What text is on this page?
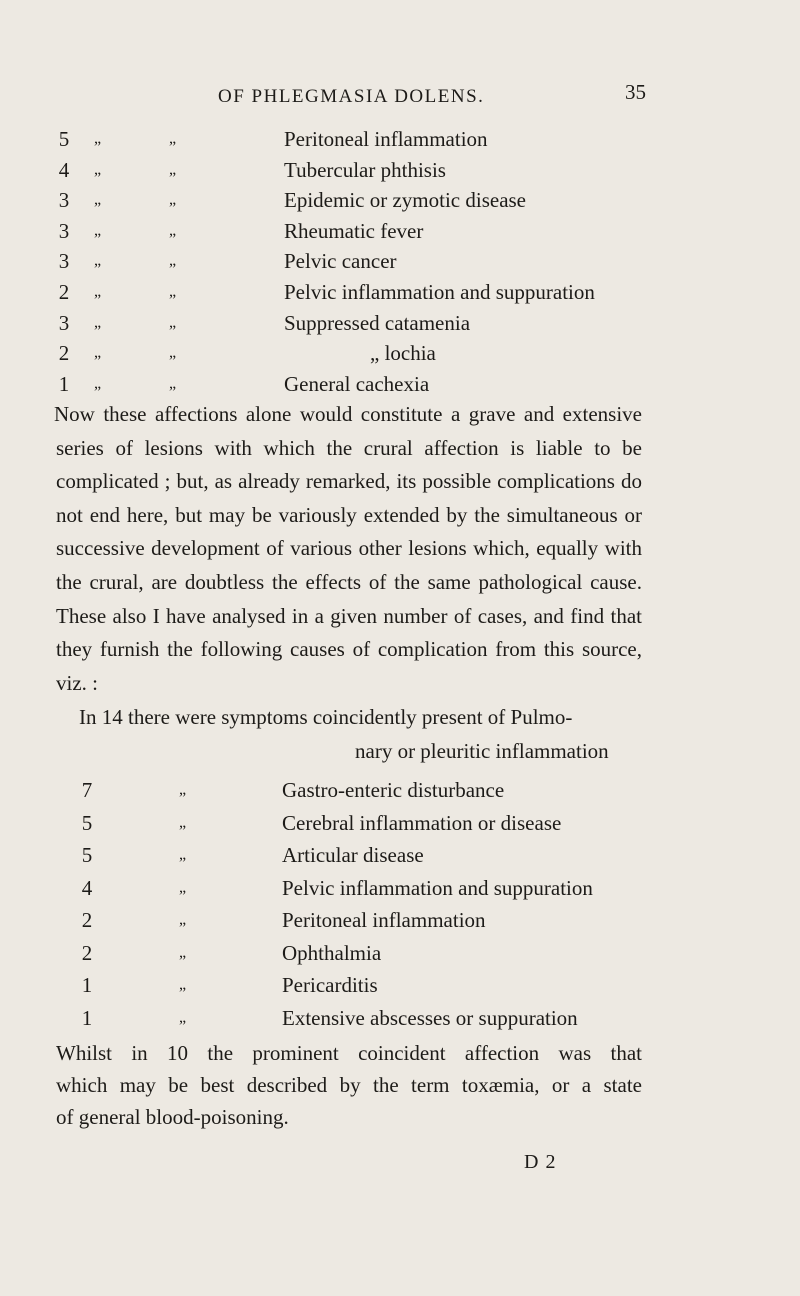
OF PHLEGMASIA DOLENS.	35
5	„	„	Peritoneal inflammation
4	„	„	Tubercular phthisis
3	„	„	Epidemic or zymotic disease
3	„	„	Rheumatic fever
3	„	„	Pelvic cancer
2	„	„	Pelvic inflammation and suppuration
3	„	„	Suppressed catamenia
2	„	„	„ lochia
1	„	„	General cachexia

Now these affections alone would constitute a grave and extensive series of lesions with which the crural affection is liable to be complicated ; but, as already remarked, its possible complications do not end here, but may be variously extended by the simultaneous or successive development of various other lesions which, equally with the crural, are doubtless the effects of the same pathological cause. These also I have analysed in a given number of cases, and find that they furnish the following causes of complication from this source, viz. :

In 14 there were symptoms coincidently present of Pulmo-
nary or pleuritic inflammation
7	„	Gastro-enteric disturbance
5	„	Cerebral inflammation or disease
5	„	Articular disease
4	„	Pelvic inflammation and suppuration
2	„	Peritoneal inflammation
2	„	Ophthalmia
1	„	Pericarditis
1	„	Extensive abscesses or suppuration
Whilst in 10 the prominent coincident affection was that
which may be best described by the term toxæmia, or a state
of general blood-poisoning.
D 2
